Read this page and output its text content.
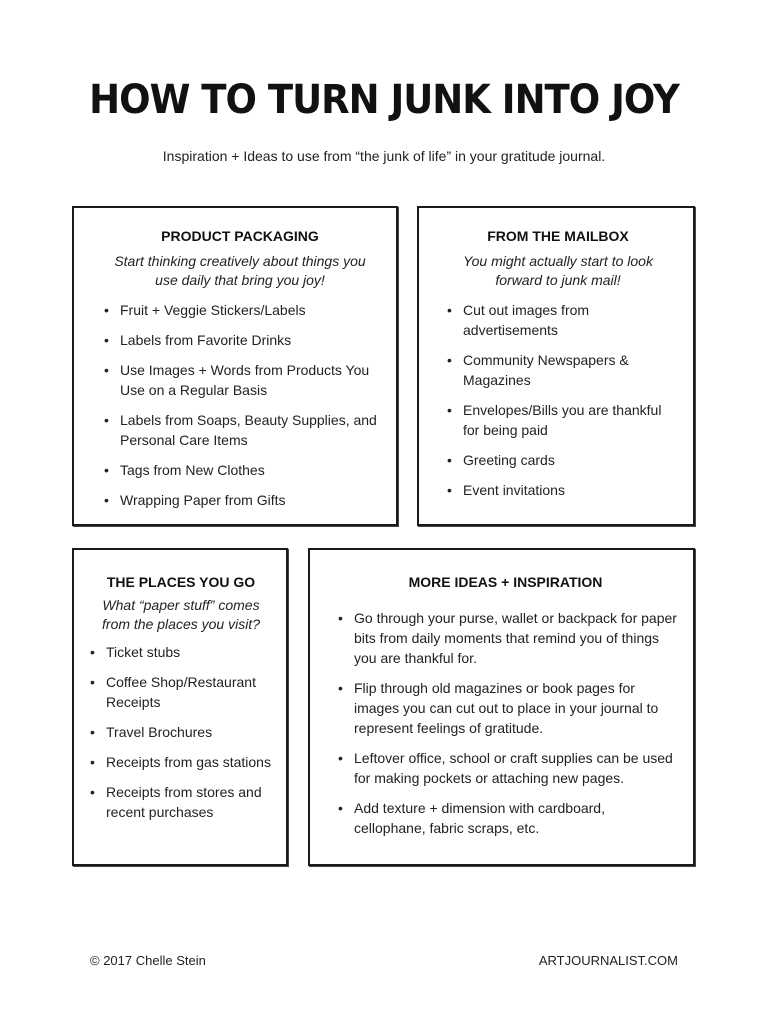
HOW TO TURN JUNK INTO JOY
Inspiration + Ideas to use from “the junk of life” in your gratitude journal.
PRODUCT PACKAGING
Start thinking creatively about things you use daily that bring you joy!
• Fruit + Veggie Stickers/Labels
• Labels from Favorite Drinks
• Use Images + Words from Products You Use on a Regular Basis
• Labels from Soaps, Beauty Supplies, and Personal Care Items
• Tags from New Clothes
• Wrapping Paper from Gifts
FROM THE MAILBOX
You might actually start to look forward to junk mail!
• Cut out images from advertisements
• Community Newspapers & Magazines
• Envelopes/Bills you are thankful for being paid
• Greeting cards
• Event invitations
THE PLACES YOU GO
What “paper stuff” comes from the places you visit?
• Ticket stubs
• Coffee Shop/Restaurant Receipts
• Travel Brochures
• Receipts from gas stations
• Receipts from stores and recent purchases
MORE IDEAS + INSPIRATION
• Go through your purse, wallet or backpack for paper bits from daily moments that remind you of things you are thankful for.
• Flip through old magazines or book pages for images you can cut out to place in your journal to represent feelings of gratitude.
• Leftover office, school or craft supplies can be used for making pockets or attaching new pages.
• Add texture + dimension with cardboard, cellophane, fabric scraps, etc.
© 2017 Chelle Stein	ARTJOURNALIST.COM
